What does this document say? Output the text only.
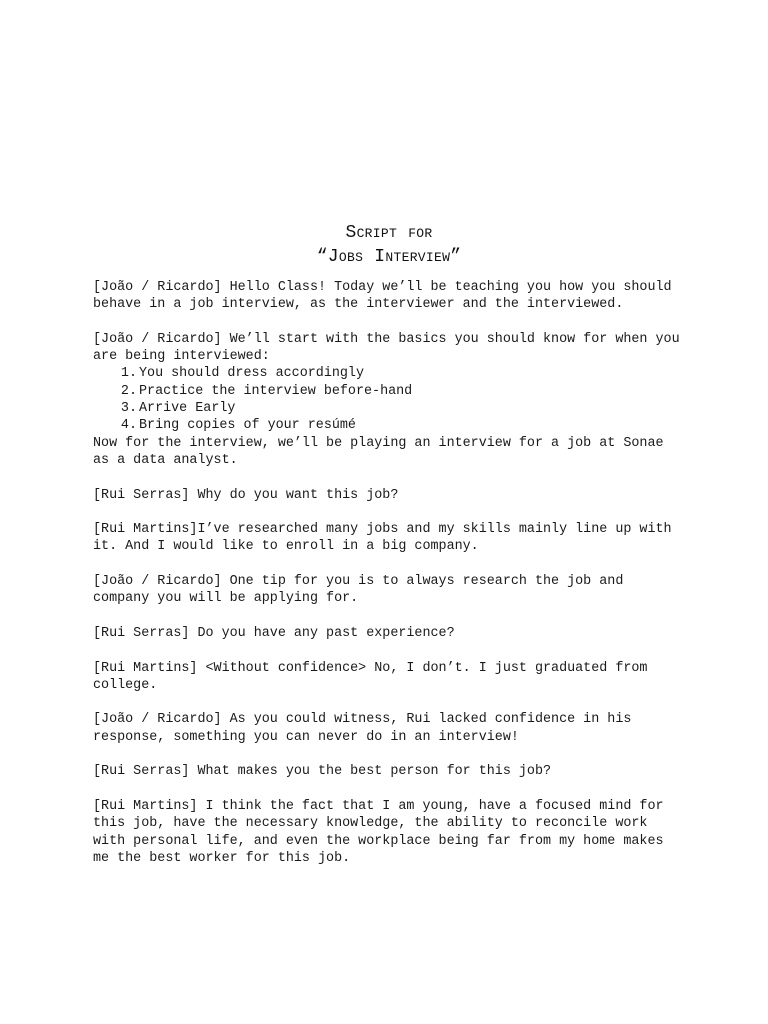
Script for
“Jobs Interview”

[João / Ricardo] Hello Class! Today we’ll be teaching you how you should behave in a job interview, as the interviewer and the interviewed.

[João / Ricardo] We’ll start with the basics you should know for when you are being interviewed:

1. You should dress accordingly
2. Practice the interview before-hand
3. Arrive Early
4. Bring copies of your resúmé

Now for the interview, we’ll be playing an interview for a job at Sonae as a data analyst.

[Rui Serras] Why do you want this job?

[Rui Martins]I’ve researched many jobs and my skills mainly line up with it. And I would like to enroll in a big company.

[João / Ricardo] One tip for you is to always research the job and company you will be applying for.

[Rui Serras] Do you have any past experience?

[Rui Martins] <Without confidence> No, I don’t. I just graduated from college.

[João / Ricardo] As you could witness, Rui lacked confidence in his response, something you can never do in an interview!

[Rui Serras] What makes you the best person for this job?

[Rui Martins] I think the fact that I am young, have a focused mind for this job, have the necessary knowledge, the ability to reconcile work with personal life, and even the workplace being far from my home makes me the best worker for this job.
